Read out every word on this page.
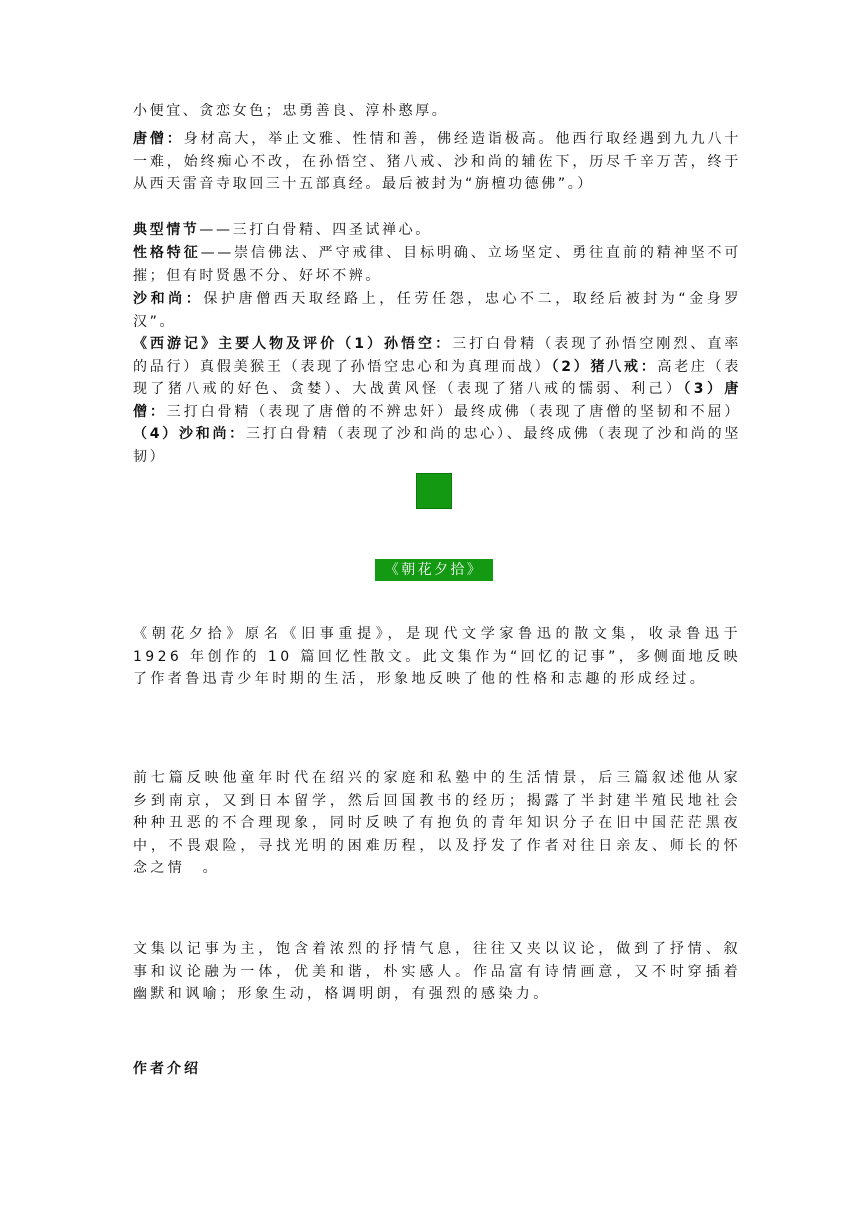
小便宜、贪恋女色；忠勇善良、淳朴憨厚。

唐僧：身材高大，举止文雅、性情和善，佛经造诣极高。他西行取经遇到九九八十一难，始终痴心不改，在孙悟空、猪八戒、沙和尚的辅佐下，历尽千辛万苦，终于从西天雷音寺取回三十五部真经。最后被封为“旃檀功德佛”。）

典型情节——三打白骨精、四圣试禅心。

性格特征——崇信佛法、严守戒律、目标明确、立场坚定、勇往直前的精神坚不可摧；但有时贤愚不分、好坏不辨。

沙和尚：保护唐僧西天取经路上，任劳任怨，忠心不二，取经后被封为“金身罗汉”。

《西游记》主要人物及评价（1）孙悟空：三打白骨精（表现了孙悟空刚烈、直率的品行）真假美猴王（表现了孙悟空忠心和为真理而战）（2）猪八戒：高老庄（表现了猪八戒的好色、贪婪）、大战黄风怪（表现了猪八戒的懦弱、利己）（3）唐　　僧：三打白骨精（表现了唐僧的不辨忠奸）最终成佛（表现了唐僧的坚韧和不屈）（4）沙和尚：三打白骨精（表现了沙和尚的忠心）、最终成佛（表现了沙和尚的坚韧）

《朝花夕拾》

《朝花夕拾》原名《旧事重提》，是现代文学家鲁迅的散文集，收录鲁迅于 1926 年创作的 10 篇回忆性散文。此文集作为“回忆的记事”，多侧面地反映了作者鲁迅青少年时期的生活，形象地反映了他的性格和志趣的形成经过。

前七篇反映他童年时代在绍兴的家庭和私塾中的生活情景，后三篇叙述他从家乡到南京，又到日本留学，然后回国教书的经历；揭露了半封建半殖民地社会种种丑恶的不合理现象，同时反映了有抱负的青年知识分子在旧中国茫茫黑夜中，不畏艰险，寻找光明的困难历程，以及抒发了作者对往日亲友、师长的怀念之情　。

文集以记事为主，饱含着浓烈的抒情气息，往往又夹以议论，做到了抒情、叙事和议论融为一体，优美和谐，朴实感人。作品富有诗情画意，又不时穿插着幽默和讽喻；形象生动，格调明朗，有强烈的感染力。

作者介绍
